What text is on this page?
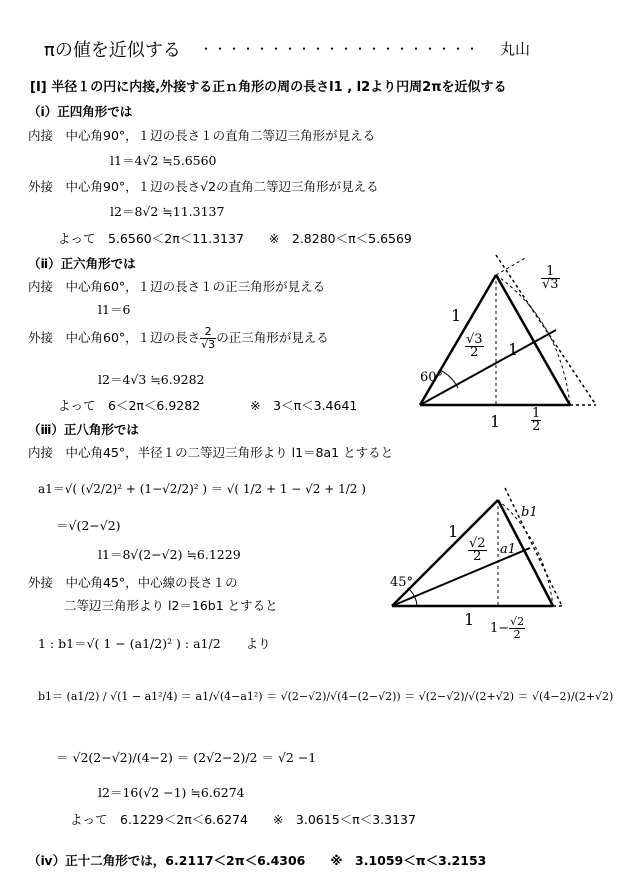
πの値を近似する ・・・・・・・・・・・・・・・・・・・・ 丸山
[Ⅰ] 半径１の円に内接,外接する正ｎ角形の周の長さl1 , l2より円周2πを近似する
（ⅰ）正四角形では
内接　中心角90°，１辺の長さ１の直角二等辺三角形が見える
l1＝4√2 ≒5.6560
外接　中心角90°，１辺の長さ√2の直角二等辺三角形が見える
l2＝8√2 ≒11.3137
よって　5.6560＜2π＜11.3137　　※　2.8280＜π＜5.6569
（ⅱ）正六角形では
内接　中心角60°，１辺の長さ１の正三角形が見える
l1＝6
外接　中心角60°，１辺の長さ $\frac{2}{√3}$ の正三角形が見える
l2＝4√3 ≒6.9282
よって　6＜2π＜6.9282　　　　※　3＜π＜3.4641
（ⅲ）正八角形では
内接　中心角45°，半径１の二等辺三角形より l1＝8a1 とすると
a1＝√( (√2/2)² + (1−√2/2)² ) ＝ √( 1/2 + 1 − √2 + 1/2 )
＝√(2−√2)
l1＝8√(2−√2) ≒6.1229
外接　中心角45°，中心線の長さ１の
二等辺三角形より l2＝16b1 とすると
1 : b1＝√( 1 − (a1/2)² ) : a1/2　　より
b1＝ (a1/2) / √(1 − a1²/4) ＝ a1/√(4−a1²) ＝ √(2−√2)/√(4−(2−√2)) ＝ √(2−√2)/√(2+√2) ＝ √(4−2)/(2+√2)
＝ √2(2−√2)/(4−2) ＝ (2√2−2)/2 ＝ √2 −1
l2＝16(√2 −1) ≒6.6274
よって　6.1229＜2π＜6.6274　　※　3.0615＜π＜3.3137
（ⅳ）正十二角形では，6.2117＜2π＜6.4306　　※　3.1059＜π＜3.2153
1
1
1
60°
$\frac{√3}{2}$
$\frac{1}{2}$
$\frac{1}{√3}$
1
1
45°
a1
b1
$\frac{√2}{2}$
$1- \frac{√2}{2}$
